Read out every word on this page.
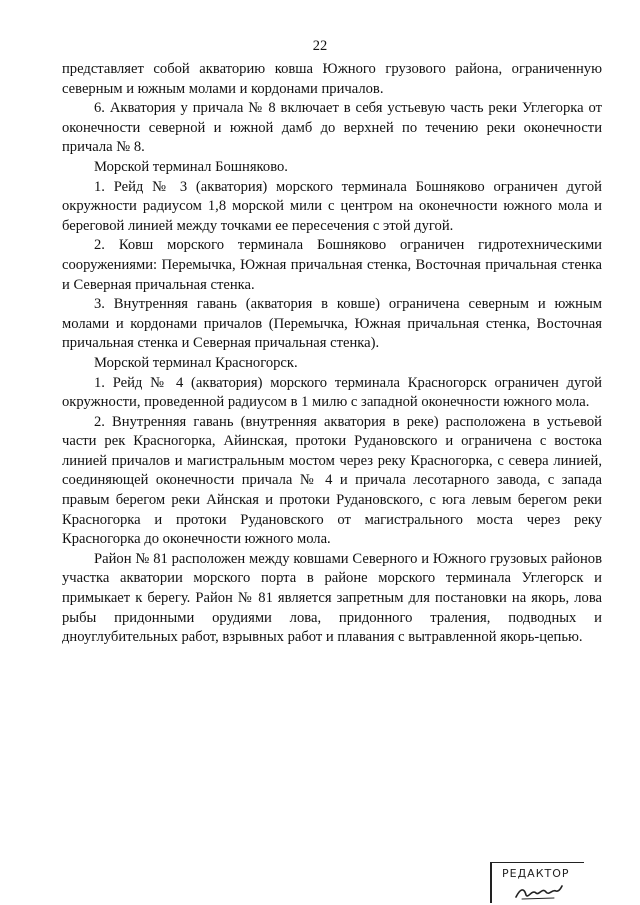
22

представляет собой акваторию ковша Южного грузового района, ограниченную северным и южным молами и кордонами причалов.

6. Акватория у причала № 8 включает в себя устьевую часть реки Углегорка от оконечности северной и южной дамб до верхней по течению реки оконечности причала № 8.

Морской терминал Бошняково.

1. Рейд № 3 (акватория) морского терминала Бошняково ограничен дугой окружности радиусом 1,8 морской мили с центром на оконечности южного мола и береговой линией между точками ее пересечения с этой дугой.

2. Ковш морского терминала Бошняково ограничен гидротехническими сооружениями: Перемычка, Южная причальная стенка, Восточная причальная стенка и Северная причальная стенка.

3. Внутренняя гавань (акватория в ковше) ограничена северным и южным молами и кордонами причалов (Перемычка, Южная причальная стенка, Восточная причальная стенка и Северная причальная стенка).

Морской терминал Красногорск.

1. Рейд № 4 (акватория) морского терминала Красногорск ограничен дугой окружности, проведенной радиусом в 1 милю с западной оконечности южного мола.

2. Внутренняя гавань (внутренняя акватория в реке) расположена в устьевой части рек Красногорка, Айинская, протоки Рудановского и ограничена с востока линией причалов и магистральным мостом через реку Красногорка, с севера линией, соединяющей оконечности причала № 4 и причала лесотарного завода, с запада правым берегом реки Айнская и протоки Рудановского, с юга левым берегом реки Красногорка и протоки Рудановского от магистрального моста через реку Красногорка до оконечности южного мола.

Район № 81 расположен между ковшами Северного и Южного грузовых районов участка акватории морского порта в районе морского терминала Углегорск и примыкает к берегу. Район № 81 является запретным для постановки на якорь, лова рыбы придонными орудиями лова, придонного траления, подводных и дноуглубительных работ, взрывных работ и плавания с вытравленной якорь-цепью.

РЕДАКТОР
